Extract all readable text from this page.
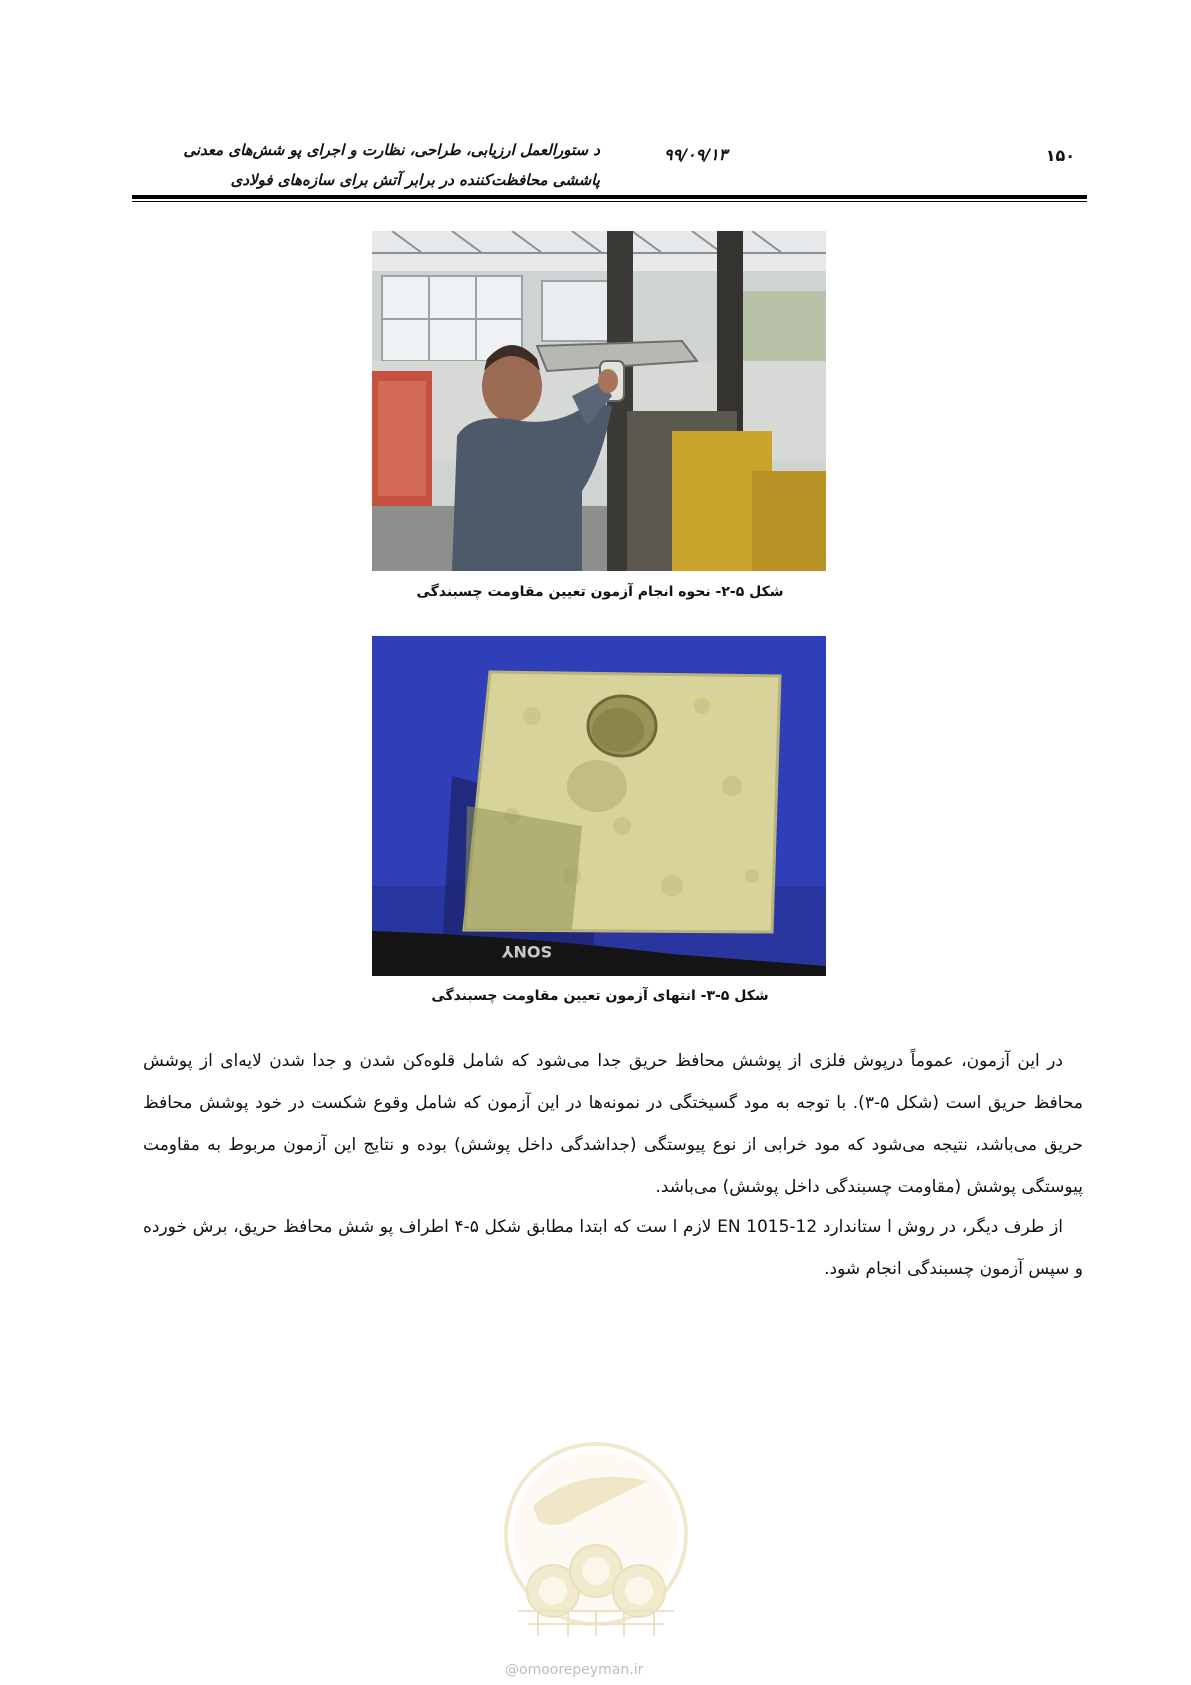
د ستورالعمل ارزیابی، طراحی، نظارت و اجرای پو شش‌های معدنی
پاششی محافظت‌کننده در برابر آتش برای سازه‌های فولادی
۹۹/۰۹/۱۳	۱۵۰
شکل ۵-۲- نحوه انجام آزمون تعیین مقاومت چسبندگی
SONY
شکل ۵-۳- انتهای آزمون تعیین مقاومت چسبندگی

در این آزمون، عموماً درپوش فلزی از پوشش محافظ حریق جدا می‌شود که شامل قلوه‌کن شدن و جدا شدن لایه‌ای از پوشش محافظ حریق است (شکل ۵-۳). با توجه به مود گسیختگی در نمونه‌ها در این آزمون که شامل وقوع شکست در خود پوشش محافظ حریق می‌باشد، نتیجه می‌شود که مود خرابی از نوع پیوستگی (جداشدگی داخل پوشش) بوده و نتایج این آزمون مربوط به مقاومت پیوستگی پوشش (مقاومت چسبندگی داخل پوشش) می‌باشد.

از طرف دیگر، در روش ا ستاندارد EN 1015-12 لازم ا ست که ابتدا مطابق شکل ۵-۴ اطراف پو شش محافظ حریق، برش خورده و سپس آزمون چسبندگی انجام شود.

@omoorepeyman.ir
